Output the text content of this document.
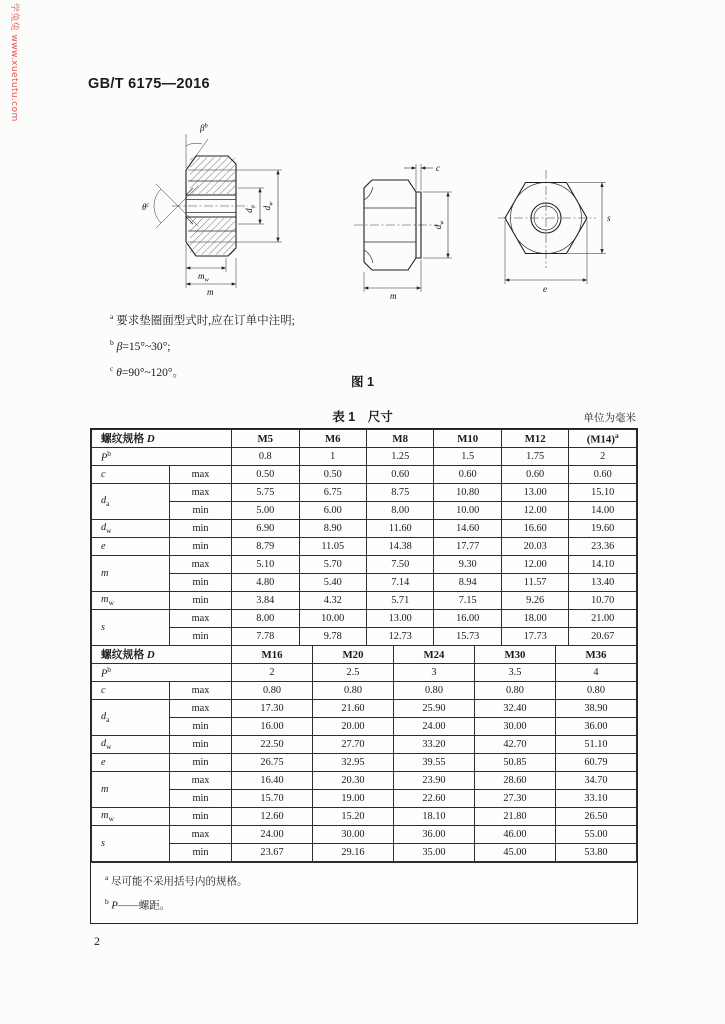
学兔兔 www.xuetutu.com	GB/T 6175—2016
$\beta^b$
$\theta^c$
$m_w$
m
$d_a$ $d_w$
c
$d_w$
m
s
e
$^a$ 要求垫圈面型式时,应在订单中注明;
$^b$ β=15°~30°;
$^c$ θ=90°~120°。
图 1
表 1　尺寸	单位为毫米
螺纹规格 D		M5	M6	M8	M10	M12	$(M14)^a$
$P^b$		0.8	1	1.25	1.5	1.75	2
c	max	0.50	0.50	0.60	0.60	0.60	0.60
$d_a$	max	5.75	6.75	8.75	10.80	13.00	15.10
	min	5.00	6.00	8.00	10.00	12.00	14.00
$d_w$	min	6.90	8.90	11.60	14.60	16.60	19.60
e	min	8.79	11.05	14.38	17.77	20.03	23.36
m	max	5.10	5.70	7.50	9.30	12.00	14.10
	min	4.80	5.40	7.14	8.94	11.57	13.40
$m_w$	min	3.84	4.32	5.71	7.15	9.26	10.70
s	max	8.00	10.00	13.00	16.00	18.00	21.00
	min	7.78	9.78	12.73	15.73	17.73	20.67
螺纹规格 D		M16	M20	M24	M30	M36
$P^b$		2	2.5	3	3.5	4
c	max	0.80	0.80	0.80	0.80	0.80
$d_a$	max	17.30	21.60	25.90	32.40	38.90
	min	16.00	20.00	24.00	30.00	36.00
$d_w$	min	22.50	27.70	33.20	42.70	51.10
e	min	26.75	32.95	39.55	50.85	60.79
m	max	16.40	20.30	23.90	28.60	34.70
	min	15.70	19.00	22.60	27.30	33.10
$m_w$	min	12.60	15.20	18.10	21.80	26.50
s	max	24.00	30.00	36.00	46.00	55.00
	min	23.67	29.16	35.00	45.00	53.80
$^a$ 尽可能不采用括号内的规格。
$^b$ P——螺距。
2
